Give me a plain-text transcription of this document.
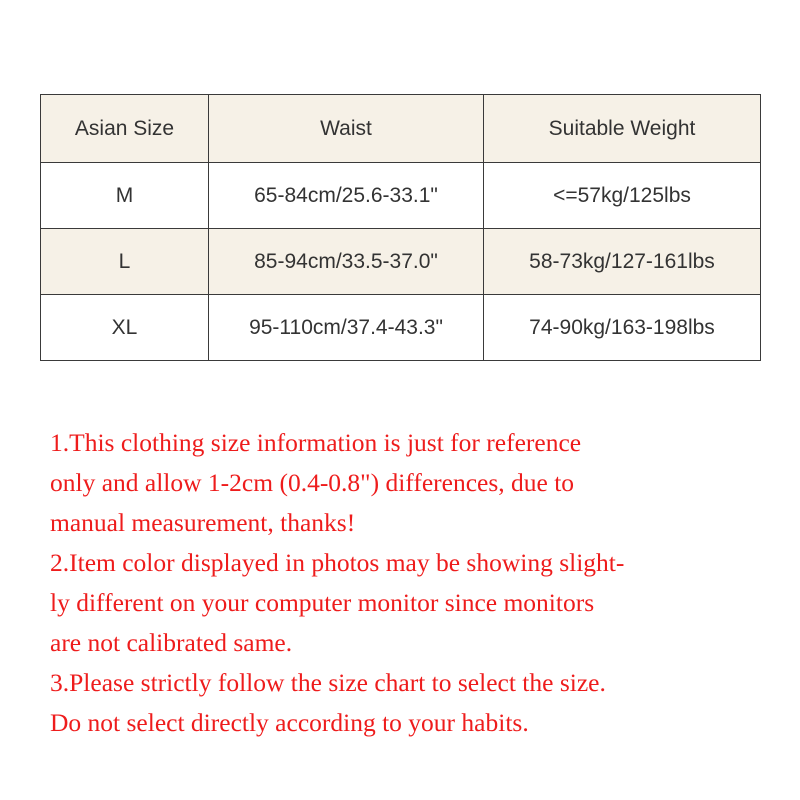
Asian Size	Waist	Suitable Weight
M	65-84cm/25.6-33.1"	<=57kg/125lbs
L	85-94cm/33.5-37.0"	58-73kg/127-161lbs
XL	95-110cm/37.4-43.3"	74-90kg/163-198lbs
1.This clothing size information is just for reference
only and allow 1-2cm (0.4-0.8") differences, due to
manual measurement, thanks!
2.Item color displayed in photos may be showing slight-
ly different on your computer monitor since monitors
are not calibrated same.
3.Please strictly follow the size chart to select the size.
Do not select directly according to your habits.
